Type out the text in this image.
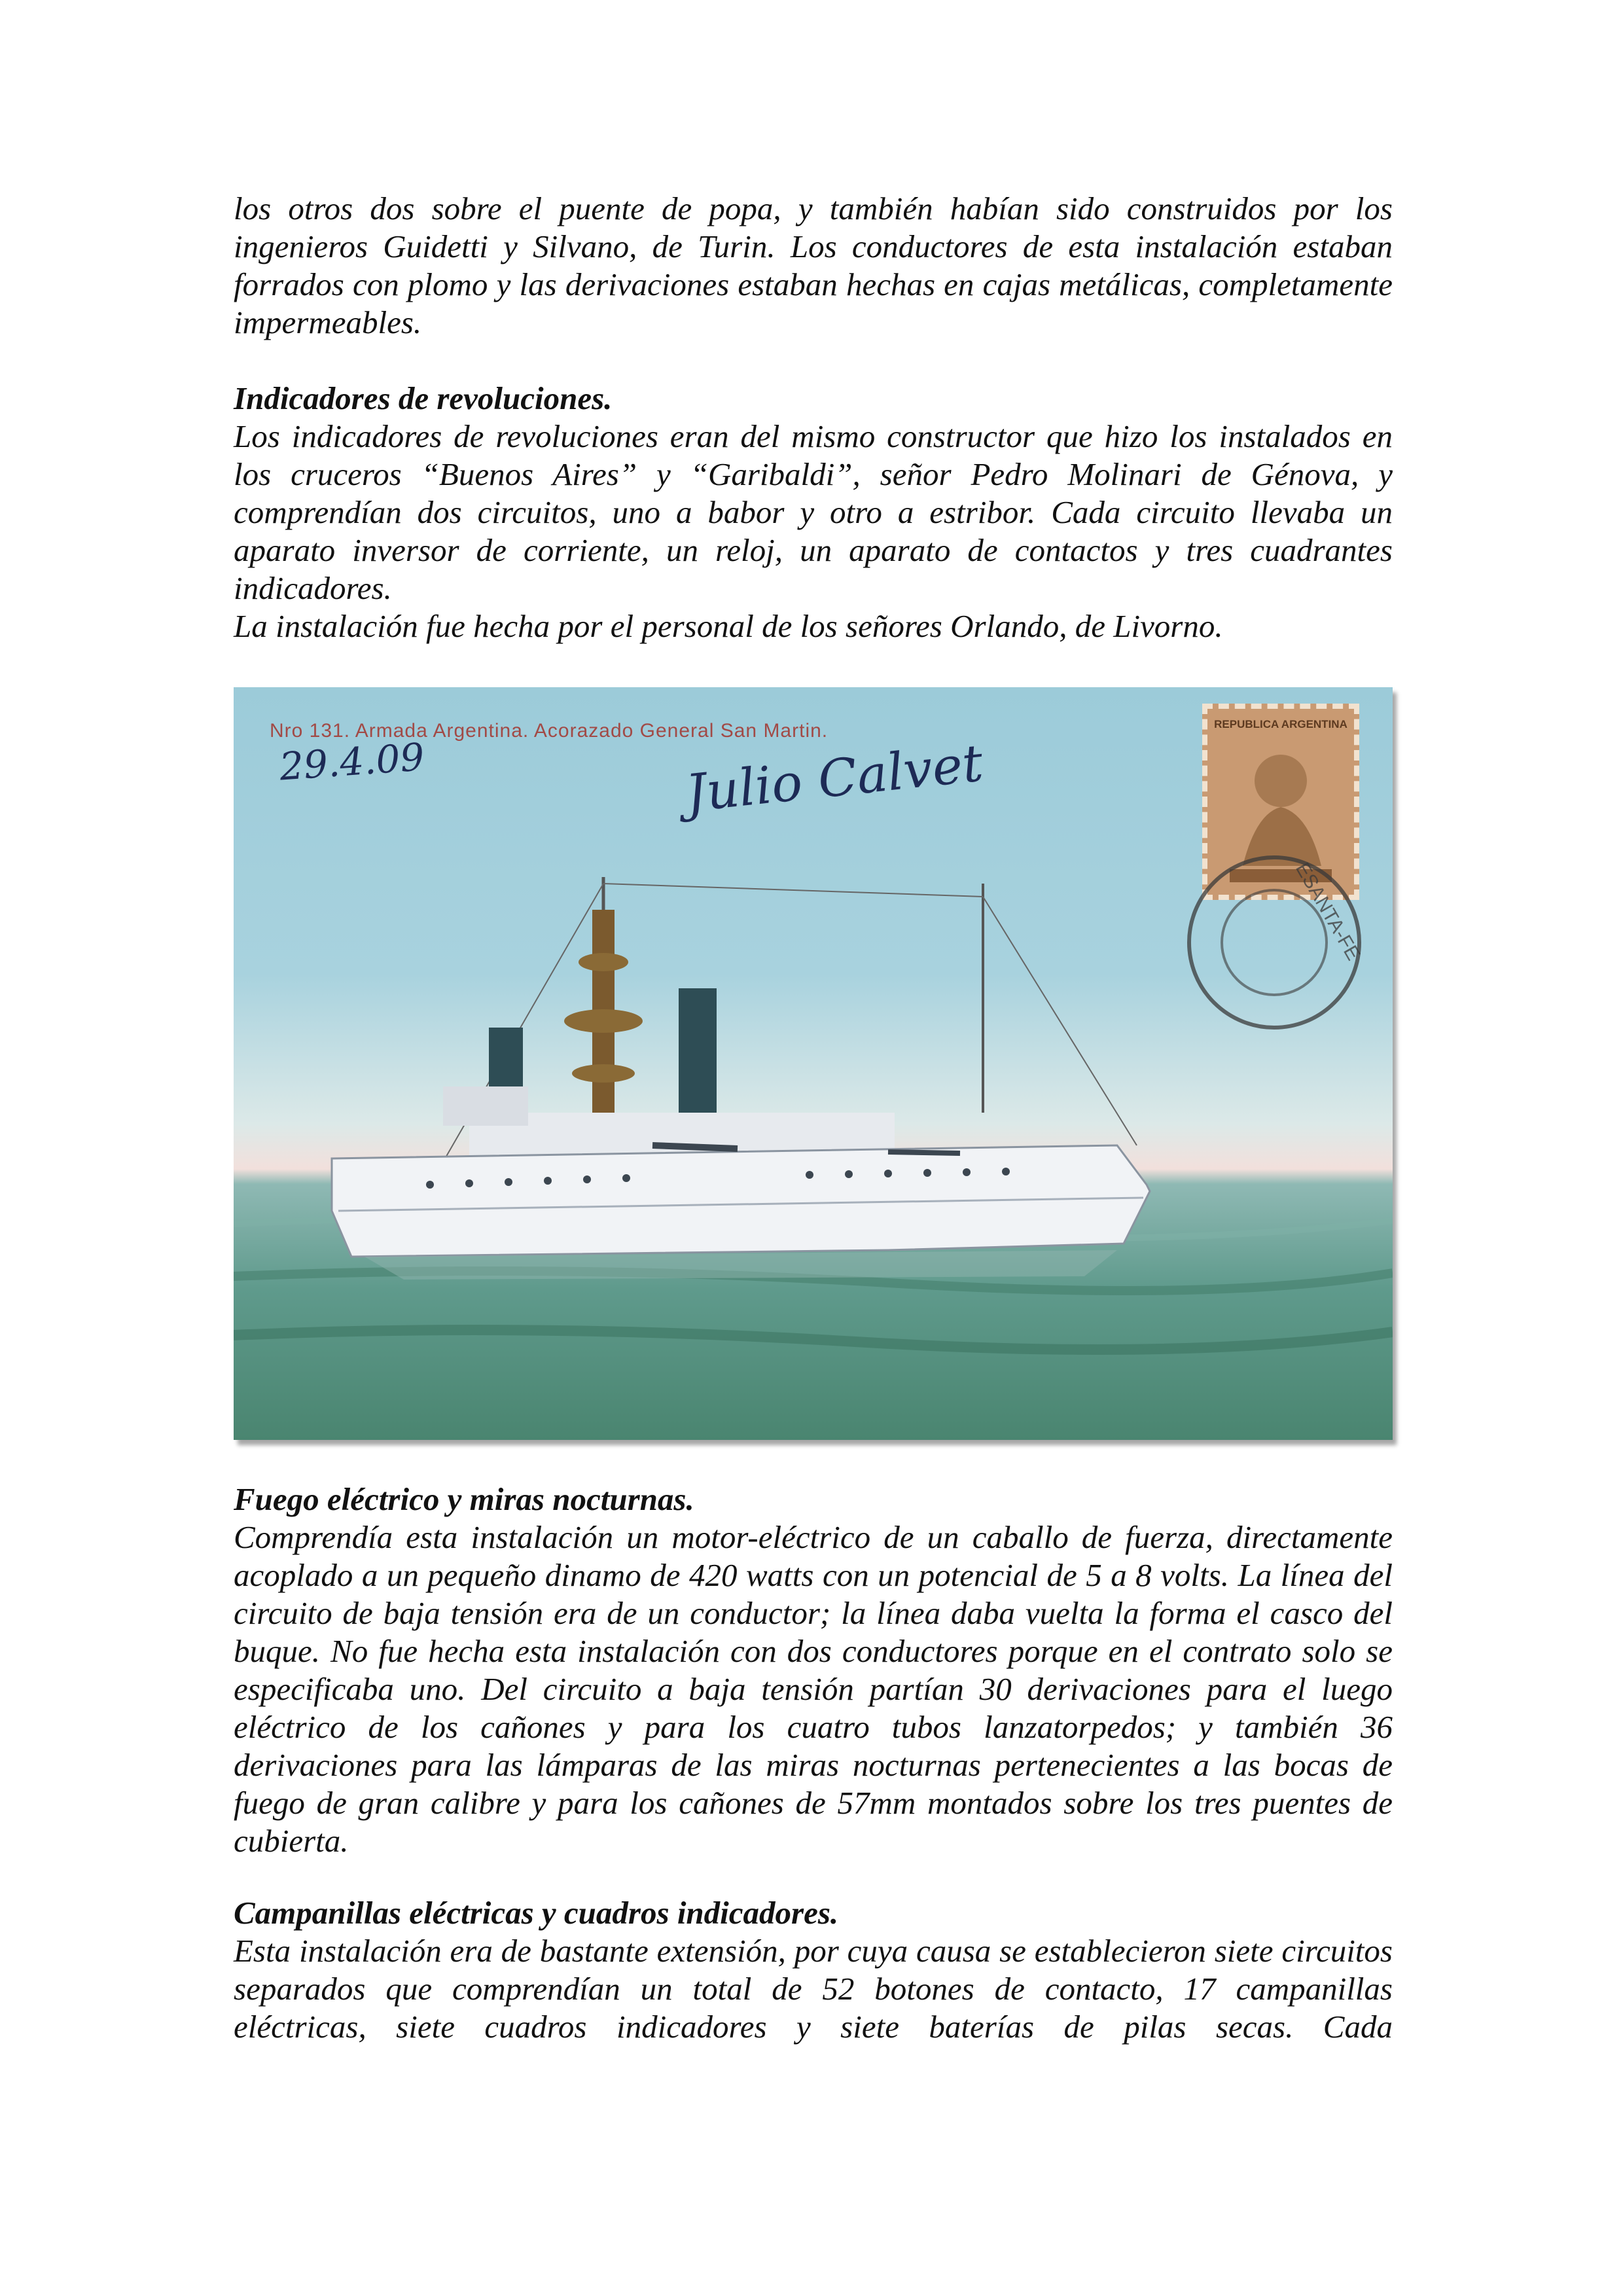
los otros dos sobre el puente de popa, y también habían sido construidos por los ingenieros Guidetti y Silvano, de Turin. Los conductores de esta instalación estaban forrados con plomo y las derivaciones estaban hechas en cajas metálicas, completamente impermeables.

Indicadores de revoluciones.

Los indicadores de revoluciones eran del mismo constructor que hizo los instalados en los cruceros “Buenos Aires” y “Garibaldi”, señor Pedro Molinari de Génova, y comprendían dos circuitos, uno a babor y otro a estribor. Cada circuito llevaba un aparato inversor de corriente, un reloj, un aparato de contactos y tres cuadrantes indicadores.

La instalación fue hecha por el personal de los señores Orlando, de Livorno.

Nro 131. Armada Argentina. Acorazado General San Martin.
29.4.09	Julio Calvet
REPUBLICA ARGENTINA
ESANTA-FE

Fuego eléctrico y miras nocturnas.

Comprendía esta instalación un motor-eléctrico de un caballo de fuerza, directamente acoplado a un pequeño dinamo de 420 watts con un potencial de 5 a 8 volts. La línea del circuito de baja tensión era de un conductor; la línea daba vuelta la forma el casco del buque. No fue hecha esta instalación con dos conductores porque en el contrato solo se especificaba uno. Del circuito a baja tensión partían 30 derivaciones para el luego eléctrico de los cañones y para los cuatro tubos lanzatorpedos; y también 36 derivaciones para las lámparas de las miras nocturnas pertenecientes a las bocas de fuego de gran calibre y para los cañones de 57mm montados sobre los tres puentes de cubierta.

Campanillas eléctricas y cuadros indicadores.

Esta instalación era de bastante extensión, por cuya causa se establecieron siete circuitos separados que comprendían un total de 52 botones de contacto, 17 campanillas eléctricas, siete cuadros indicadores y siete baterías de pilas secas. Cada
